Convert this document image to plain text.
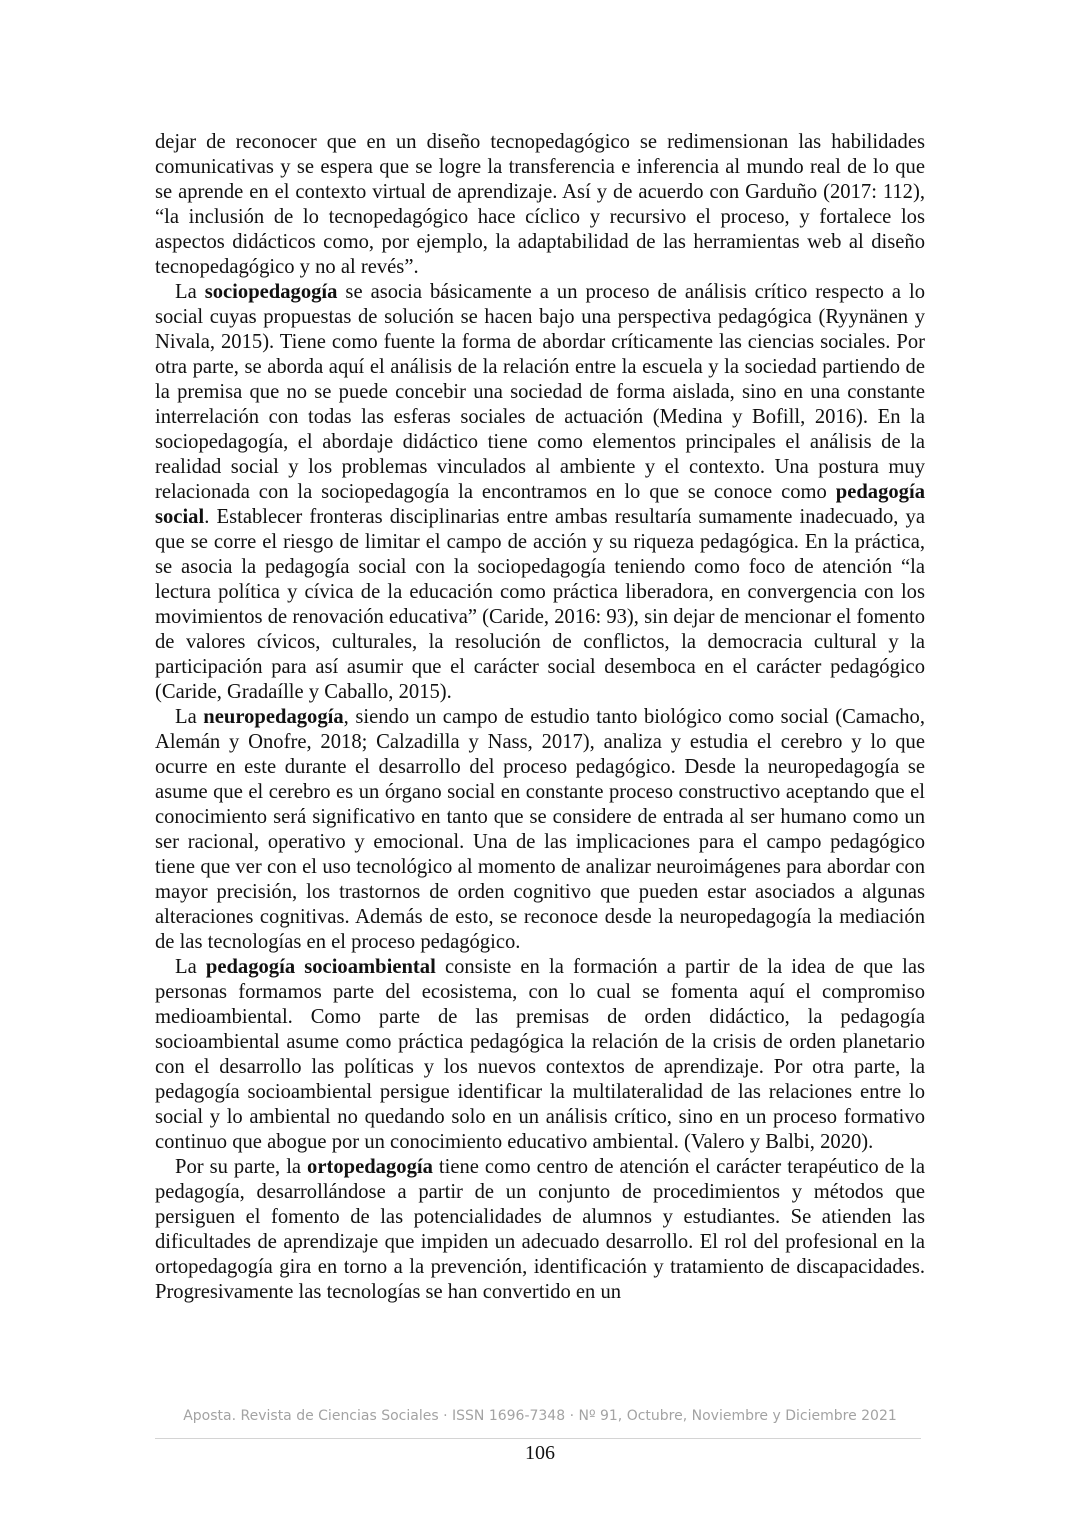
dejar de reconocer que en un diseño tecnopedagógico se redimensionan las habilidades comunicativas y se espera que se logre la transferencia e inferencia al mundo real de lo que se aprende en el contexto virtual de aprendizaje. Así y de acuerdo con Garduño (2017: 112), “la inclusión de lo tecnopedagógico hace cíclico y recursivo el proceso, y fortalece los aspectos didácticos como, por ejemplo, la adaptabilidad de las herramientas web al diseño tecnopedagógico y no al revés”.

La sociopedagogía se asocia básicamente a un proceso de análisis crítico respecto a lo social cuyas propuestas de solución se hacen bajo una perspectiva pedagógica (Ryynänen y Nivala, 2015). Tiene como fuente la forma de abordar críticamente las ciencias sociales. Por otra parte, se aborda aquí el análisis de la relación entre la escuela y la sociedad partiendo de la premisa que no se puede concebir una sociedad de forma aislada, sino en una constante interrelación con todas las esferas sociales de actuación (Medina y Bofill, 2016). En la sociopedagogía, el abordaje didáctico tiene como elementos principales el análisis de la realidad social y los problemas vinculados al ambiente y el contexto. Una postura muy relacionada con la sociopedagogía la encontramos en lo que se conoce como pedagogía social. Establecer fronteras disciplinarias entre ambas resultaría sumamente inadecuado, ya que se corre el riesgo de limitar el campo de acción y su riqueza pedagógica. En la práctica, se asocia la pedagogía social con la sociopedagogía teniendo como foco de atención “la lectura política y cívica de la educación como práctica liberadora, en convergencia con los movimientos de renovación educativa” (Caride, 2016: 93), sin dejar de mencionar el fomento de valores cívicos, culturales, la resolución de conflictos, la democracia cultural y la participación para así asumir que el carácter social desemboca en el carácter pedagógico (Caride, Gradaílle y Caballo, 2015).

La neuropedagogía, siendo un campo de estudio tanto biológico como social (Camacho, Alemán y Onofre, 2018; Calzadilla y Nass, 2017), analiza y estudia el cerebro y lo que ocurre en este durante el desarrollo del proceso pedagógico. Desde la neuropedagogía se asume que el cerebro es un órgano social en constante proceso constructivo aceptando que el conocimiento será significativo en tanto que se considere de entrada al ser humano como un ser racional, operativo y emocional. Una de las implicaciones para el campo pedagógico tiene que ver con el uso tecnológico al momento de analizar neuroimágenes para abordar con mayor precisión, los trastornos de orden cognitivo que pueden estar asociados a algunas alteraciones cognitivas. Además de esto, se reconoce desde la neuropedagogía la mediación de las tecnologías en el proceso pedagógico.

La pedagogía socioambiental consiste en la formación a partir de la idea de que las personas formamos parte del ecosistema, con lo cual se fomenta aquí el compromiso medioambiental. Como parte de las premisas de orden didáctico, la pedagogía socioambiental asume como práctica pedagógica la relación de la crisis de orden planetario con el desarrollo las políticas y los nuevos contextos de aprendizaje. Por otra parte, la pedagogía socioambiental persigue identificar la multilateralidad de las relaciones entre lo social y lo ambiental no quedando solo en un análisis crítico, sino en un proceso formativo continuo que abogue por un conocimiento educativo ambiental. (Valero y Balbi, 2020).

Por su parte, la ortopedagogía tiene como centro de atención el carácter terapéutico de la pedagogía, desarrollándose a partir de un conjunto de procedimientos y métodos que persiguen el fomento de las potencialidades de alumnos y estudiantes. Se atienden las dificultades de aprendizaje que impiden un adecuado desarrollo. El rol del profesional en la ortopedagogía gira en torno a la prevención, identificación y tratamiento de discapacidades. Progresivamente las tecnologías se han convertido en un

Aposta. Revista de Ciencias Sociales · ISSN 1696-7348 · Nº 91, Octubre, Noviembre y Diciembre 2021
106
